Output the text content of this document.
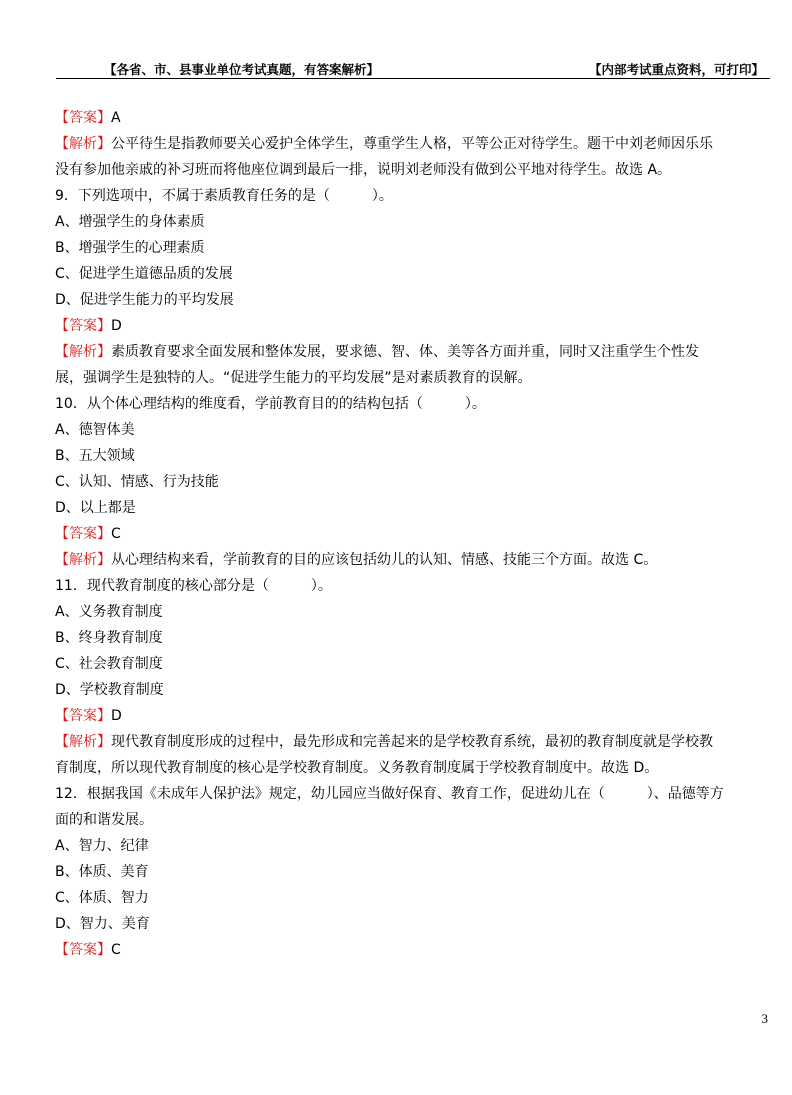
【各省、市、县事业单位考试真题，有答案解析】	【内部考试重点资料，可打印】
【答案】A
【解析】公平待生是指教师要关心爱护全体学生，尊重学生人格，平等公正对待学生。题干中刘老师因乐乐
没有参加他亲戚的补习班而将他座位调到最后一排，说明刘老师没有做到公平地对待学生。故选 A。
9．下列选项中，不属于素质教育任务的是（　　　）。
A、增强学生的身体素质
B、增强学生的心理素质
C、促进学生道德品质的发展
D、促进学生能力的平均发展
【答案】D
【解析】素质教育要求全面发展和整体发展，要求德、智、体、美等各方面并重，同时又注重学生个性发
展，强调学生是独特的人。“促进学生能力的平均发展”是对素质教育的误解。
10．从个体心理结构的维度看，学前教育目的的结构包括（　　　）。
A、德智体美
B、五大领域
C、认知、情感、行为技能
D、以上都是
【答案】C
【解析】从心理结构来看，学前教育的目的应该包括幼儿的认知、情感、技能三个方面。故选 C。
11．现代教育制度的核心部分是（　　　）。
A、义务教育制度
B、终身教育制度
C、社会教育制度
D、学校教育制度
【答案】D
【解析】现代教育制度形成的过程中，最先形成和完善起来的是学校教育系统，最初的教育制度就是学校教
育制度，所以现代教育制度的核心是学校教育制度。义务教育制度属于学校教育制度中。故选 D。
12．根据我国《未成年人保护法》规定，幼儿园应当做好保育、教育工作，促进幼儿在（　　　）、品德等方
面的和谐发展。
A、智力、纪律
B、体质、美育
C、体质、智力
D、智力、美育
【答案】C
3
